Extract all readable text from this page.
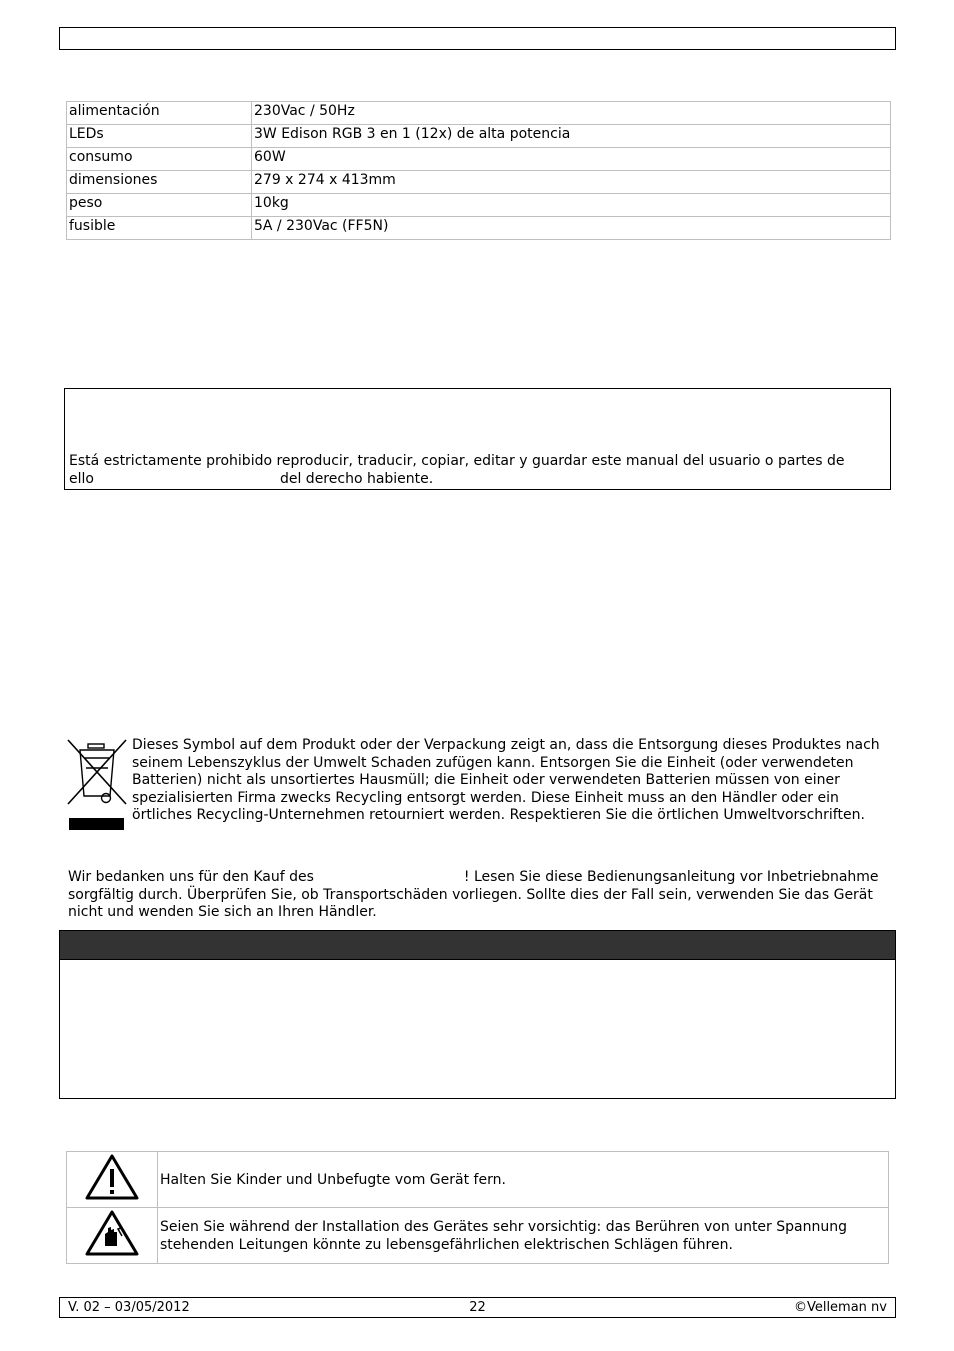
alimentación	230Vac / 50Hz
LEDs	3W Edison RGB 3 en 1 (12x) de alta potencia
consumo	60W
dimensiones	279 x 274 x 413mm
peso	10kg
fusible	5A / 230Vac (FF5N)
Está estrictamente prohibido reproducir, traducir, copiar, editar y guardar este manual del usuario o partes de
ello	del derecho habiente.
Dieses Symbol auf dem Produkt oder der Verpackung zeigt an, dass die Entsorgung dieses Produktes nach seinem Lebenszyklus der Umwelt Schaden zufügen kann. Entsorgen Sie die Einheit (oder verwendeten Batterien) nicht als unsortiertes Hausmüll; die Einheit oder verwendeten Batterien müssen von einer spezialisierten Firma zwecks Recycling entsorgt werden. Diese Einheit muss an den Händler oder ein örtliches Recycling-Unternehmen retourniert werden. Respektieren Sie die örtlichen Umweltvorschriften.
Wir bedanken uns für den Kauf des	! Lesen Sie diese Bedienungsanleitung vor Inbetriebnahme sorgfältig durch. Überprüfen Sie, ob Transportschäden vorliegen. Sollte dies der Fall sein, verwenden Sie das Gerät nicht und wenden Sie sich an Ihren Händler.
	Halten Sie Kinder und Unbefugte vom Gerät fern.
	Seien Sie während der Installation des Gerätes sehr vorsichtig: das Berühren von unter Spannung stehenden Leitungen könnte zu lebensgefährlichen elektrischen Schlägen führen.
V. 02 – 03/05/2012	22	©Velleman nv
